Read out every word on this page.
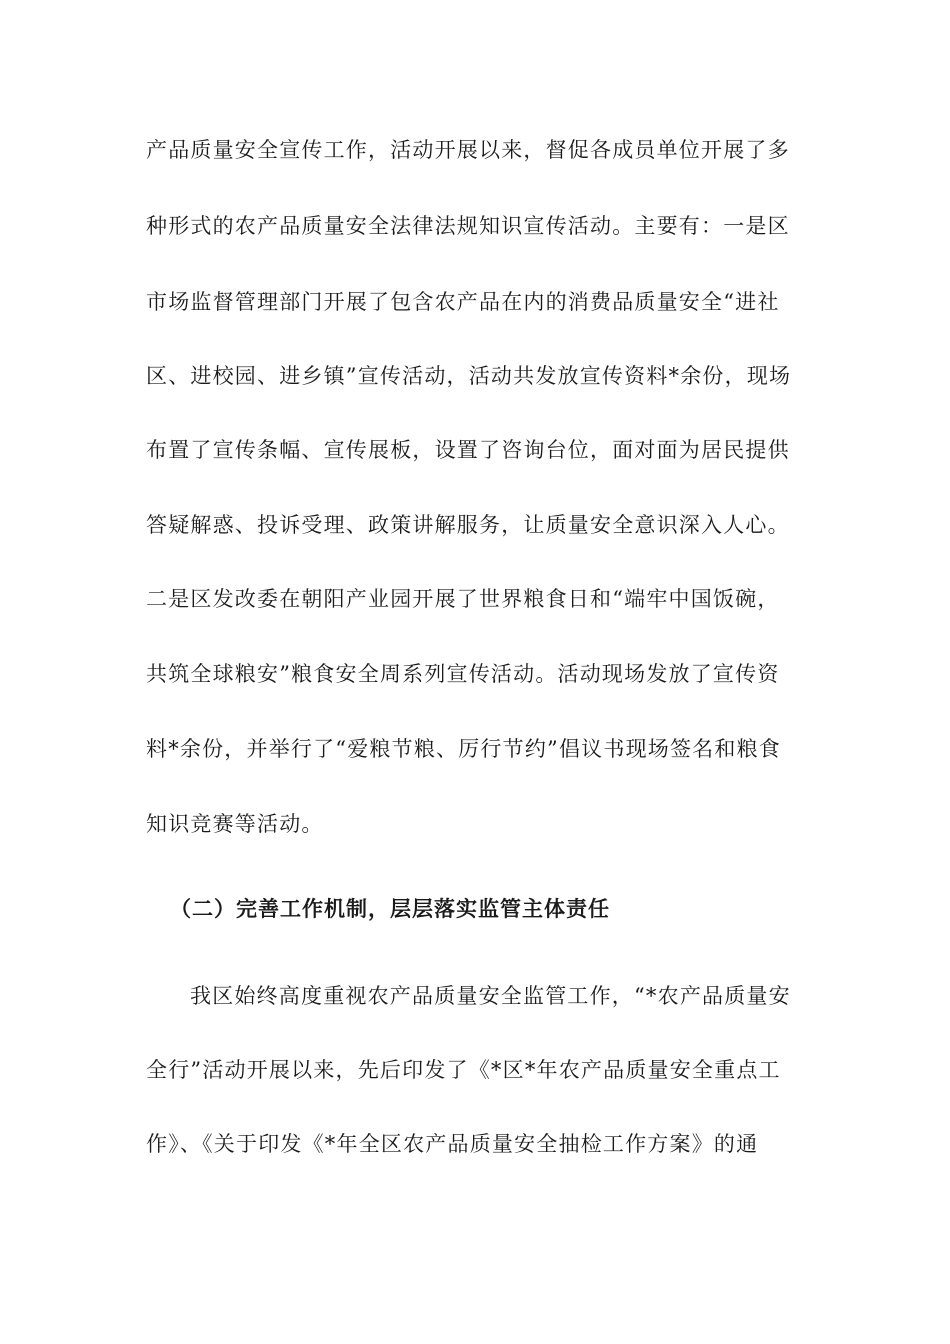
产品质量安全宣传工作，活动开展以来，督促各成员单位开展了多
种形式的农产品质量安全法律法规知识宣传活动。主要有：一是区
市场监督管理部门开展了包含农产品在内的消费品质量安全“进社
区、进校园、进乡镇”宣传活动，活动共发放宣传资料*余份，现场
布置了宣传条幅、宣传展板，设置了咨询台位，面对面为居民提供
答疑解惑、投诉受理、政策讲解服务，让质量安全意识深入人心。
二是区发改委在朝阳产业园开展了世界粮食日和“端牢中国饭碗，
共筑全球粮安”粮食安全周系列宣传活动。活动现场发放了宣传资
料*余份，并举行了“爱粮节粮、厉行节约”倡议书现场签名和粮食
知识竞赛等活动。
（二）完善工作机制，层层落实监管主体责任
我区始终高度重视农产品质量安全监管工作，“*农产品质量安
全行”活动开展以来，先后印发了《*区*年农产品质量安全重点工
作》、《关于印发《*年全区农产品质量安全抽检工作方案》的通
